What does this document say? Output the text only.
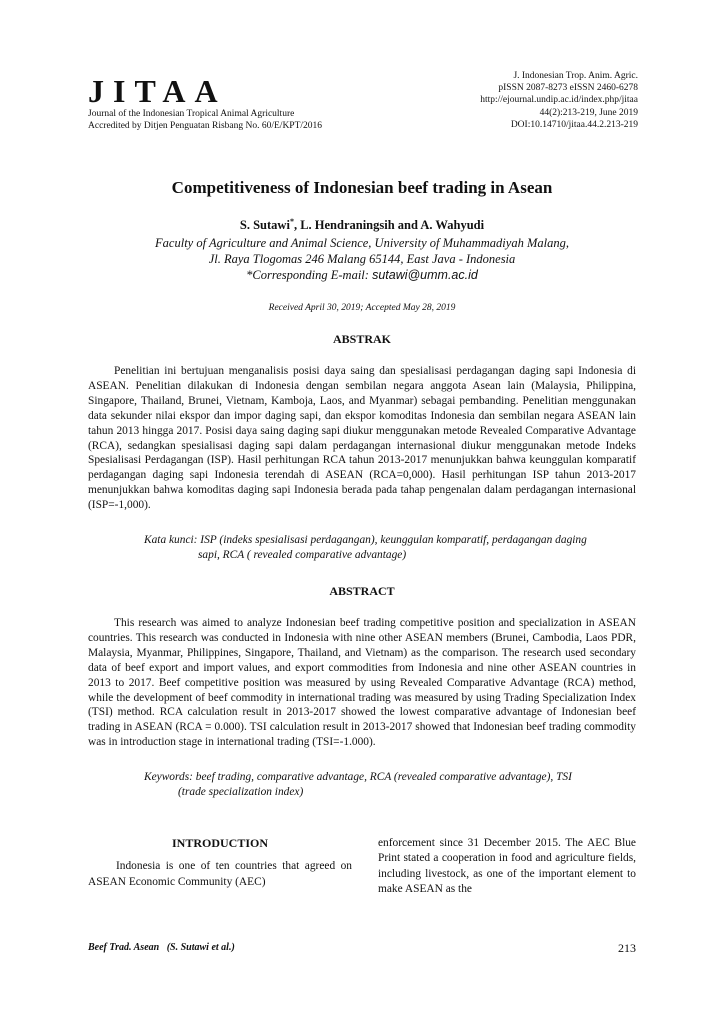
JITAA

Journal of the Indonesian Tropical Animal Agriculture

Accredited by Ditjen Penguatan Risbang No. 60/E/KPT/2016

J. Indonesian Trop. Anim. Agric.
pISSN 2087-8273 eISSN 2460-6278
http://ejournal.undip.ac.id/index.php/jitaa
44(2):213-219, June 2019
DOI:10.14710/jitaa.44.2.213-219
Competitiveness of Indonesian beef trading in Asean
S. Sutawi*, L. Hendraningsih and A. Wahyudi
Faculty of Agriculture and Animal Science, University of Muhammadiyah Malang,
Jl. Raya Tlogomas 246 Malang 65144, East Java - Indonesia
*Corresponding E-mail: sutawi@umm.ac.id
Received April 30, 2019; Accepted May 28, 2019
ABSTRAK

Penelitian ini bertujuan menganalisis posisi daya saing dan spesialisasi perdagangan daging sapi Indonesia di ASEAN. Penelitian dilakukan di Indonesia dengan sembilan negara anggota Asean lain (Malaysia, Philippina, Singapore, Thailand, Brunei, Vietnam, Kamboja, Laos, and Myanmar) sebagai pembanding. Penelitian menggunakan data sekunder nilai ekspor dan impor daging sapi, dan ekspor komoditas Indonesia dan sembilan negara ASEAN lain tahun 2013 hingga 2017. Posisi daya saing daging sapi diukur menggunakan metode Revealed Comparative Advantage (RCA), sedangkan spesialisasi daging sapi dalam perdagangan internasional diukur menggunakan metode Indeks Spesialisasi Perdagangan (ISP). Hasil perhitungan RCA tahun 2013-2017 menunjukkan bahwa keunggulan komparatif perdagangan daging sapi Indonesia terendah di ASEAN (RCA=0,000). Hasil perhitungan ISP tahun 2013-2017 menunjukkan bahwa komoditas daging sapi Indonesia berada pada tahap pengenalan dalam perdagangan internasional (ISP=-1,000).

Kata kunci: ISP (indeks spesialisasi perdagangan), keunggulan komparatif, perdagangan daging
sapi, RCA ( revealed comparative advantage)
ABSTRACT

This research was aimed to analyze Indonesian beef trading competitive position and specialization in ASEAN countries. This research was conducted in Indonesia with nine other ASEAN members (Brunei, Cambodia, Laos PDR, Malaysia, Myanmar, Philippines, Singapore, Thailand, and Vietnam) as the comparison. The research used secondary data of beef export and import values, and export commodities from Indonesia and nine other ASEAN countries in 2013 to 2017. Beef competitive position was measured by using Revealed Comparative Advantage (RCA) method, while the development of beef commodity in international trading was measured by using Trading Specialization Index (TSI) method. RCA calculation result in 2013-2017 showed the lowest comparative advantage of Indonesian beef trading in ASEAN (RCA = 0.000). TSI calculation result in 2013-2017 showed that Indonesian beef trading commodity was in introduction stage in international trading (TSI=-1.000).

Keywords: beef trading, comparative advantage, RCA (revealed comparative advantage), TSI
(trade specialization index)
INTRODUCTION

Indonesia is one of ten countries that agreed on ASEAN Economic Community (AEC)

enforcement since 31 December 2015. The AEC Blue Print stated a cooperation in food and agriculture fields, including livestock, as one of the important element to make ASEAN as the

Beef Trad. Asean (S. Sutawi et al.)	213
